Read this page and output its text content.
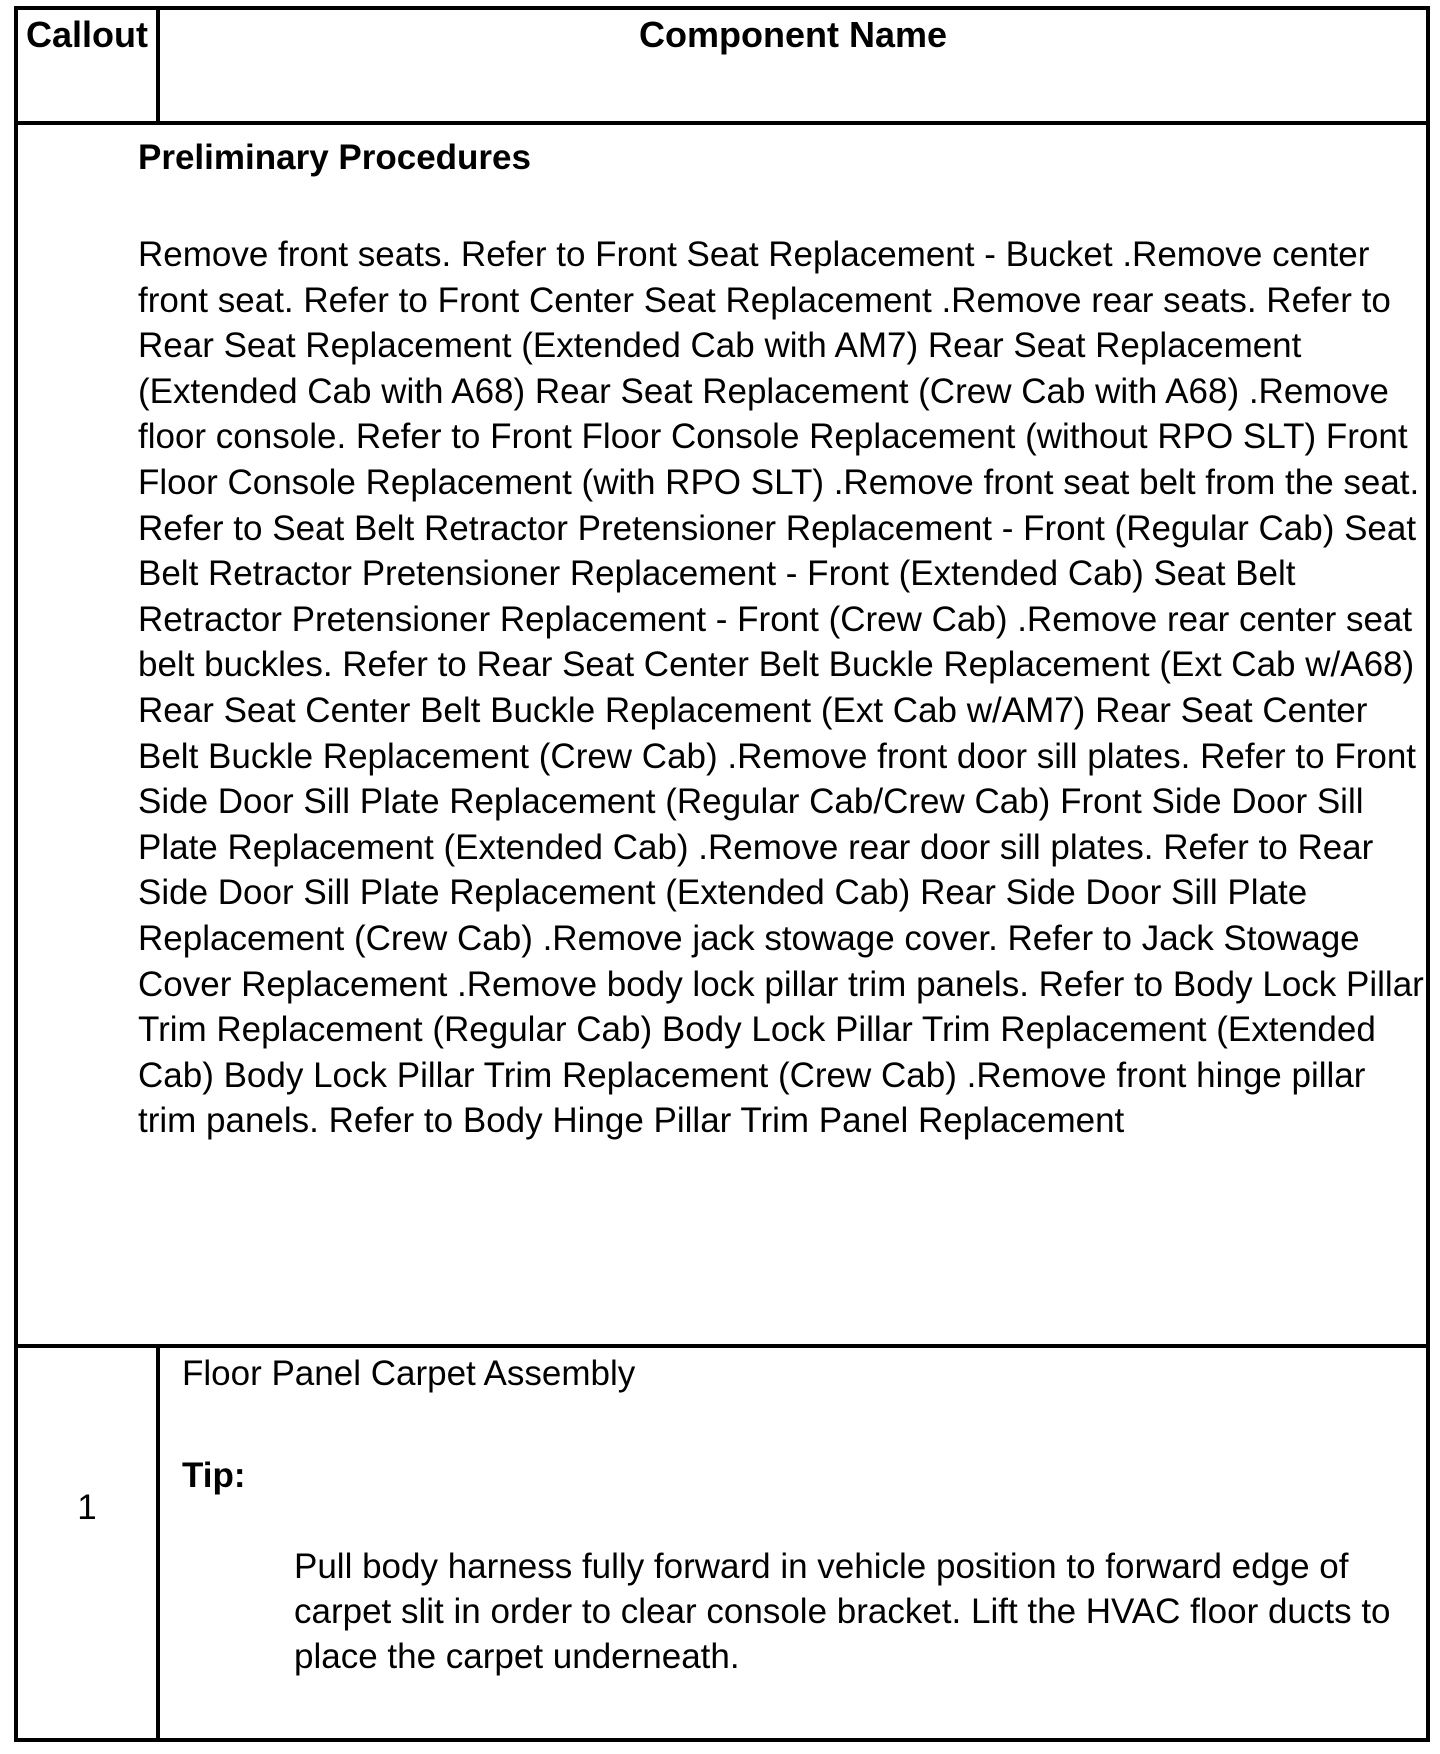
Callout	Component Name
Preliminary Procedures
Remove front seats. Refer to Front Seat Replacement - Bucket .Remove center front seat. Refer to Front Center Seat Replacement .Remove rear seats. Refer to Rear Seat Replacement (Extended Cab with AM7) Rear Seat Replacement (Extended Cab with A68) Rear Seat Replacement (Crew Cab with A68) .Remove floor console. Refer to Front Floor Console Replacement (without RPO SLT) Front Floor Console Replacement (with RPO SLT) .Remove front seat belt from the seat. Refer to Seat Belt Retractor Pretensioner Replacement - Front (Regular Cab) Seat Belt Retractor Pretensioner Replacement - Front (Extended Cab) Seat Belt Retractor Pretensioner Replacement - Front (Crew Cab) .Remove rear center seat belt buckles. Refer to Rear Seat Center Belt Buckle Replacement (Ext Cab w/A68) Rear Seat Center Belt Buckle Replacement (Ext Cab w/AM7) Rear Seat Center Belt Buckle Replacement (Crew Cab) .Remove front door sill plates. Refer to Front Side Door Sill Plate Replacement (Regular Cab/Crew Cab) Front Side Door Sill Plate Replacement (Extended Cab) .Remove rear door sill plates. Refer to Rear Side Door Sill Plate Replacement (Extended Cab) Rear Side Door Sill Plate Replacement (Crew Cab) .Remove jack stowage cover. Refer to Jack Stowage Cover Replacement .Remove body lock pillar trim panels. Refer to Body Lock Pillar Trim Replacement (Regular Cab) Body Lock Pillar Trim Replacement (Extended Cab) Body Lock Pillar Trim Replacement (Crew Cab) .Remove front hinge pillar trim panels. Refer to Body Hinge Pillar Trim Panel Replacement
1
Floor Panel Carpet Assembly
Tip:
Pull body harness fully forward in vehicle position to forward edge of carpet slit in order to clear console bracket. Lift the HVAC floor ducts to place the carpet underneath.
